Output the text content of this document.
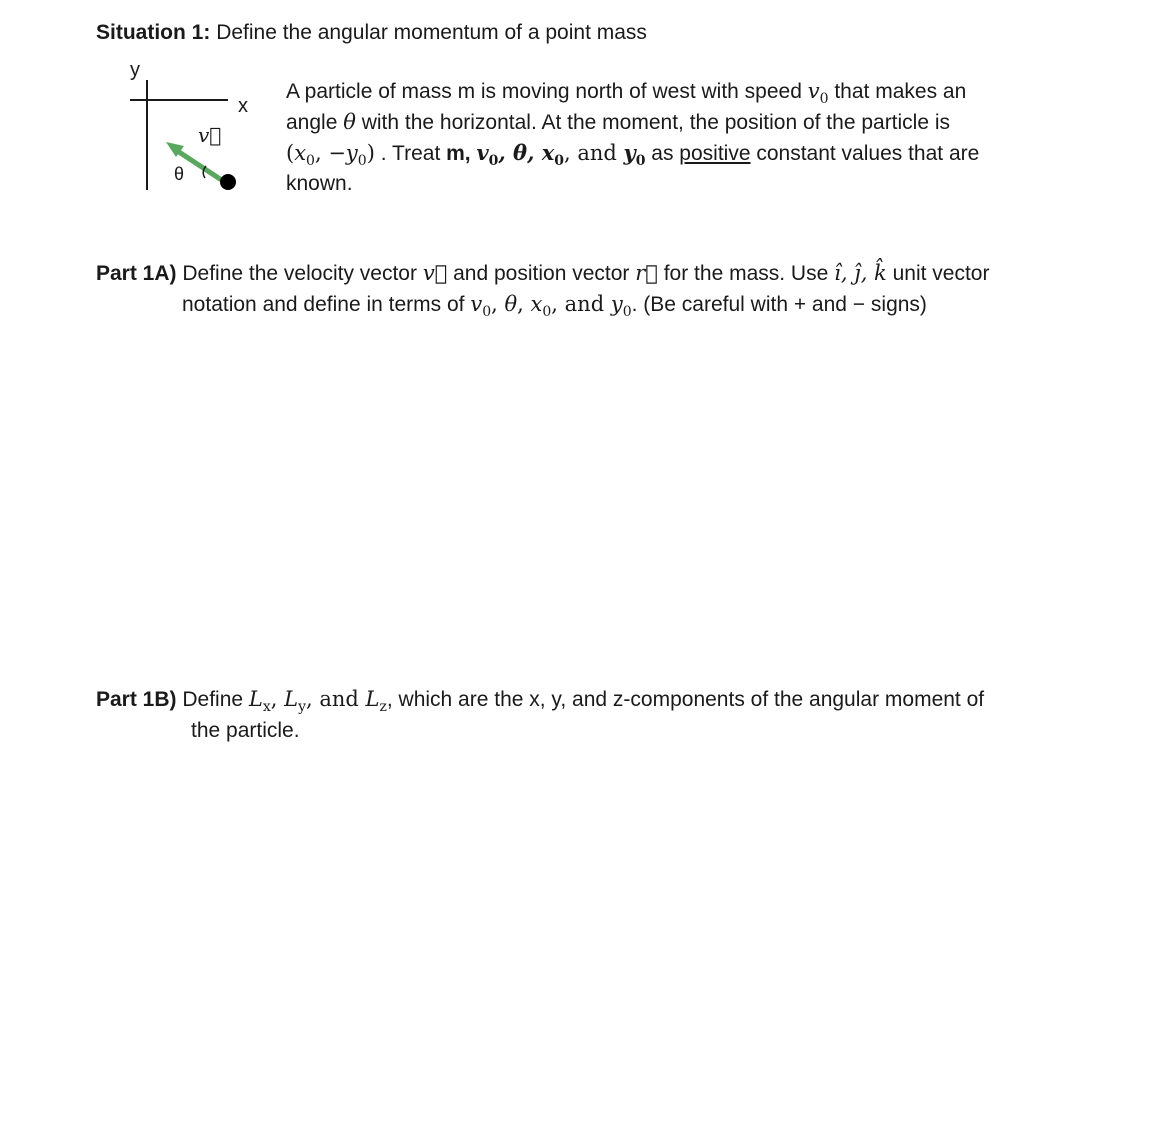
Situation 1: Define the angular momentum of a point mass
y
x
v⃗
θ
A particle of mass m is moving north of west with speed $v_0$ that makes an
angle θ with the horizontal. At the moment, the position of the particle is
($x_0$, $-y_0$) . Treat m, $v_0$, θ, $x_0$, and $y_0$ as positive constant values that are
known.
Part 1A) Define the velocity vector v⃗ and position vector r⃗ for the mass. Use î, ĵ, k̂ unit vector
notation and define in terms of $v_0$, θ, $x_0$, and $y_0$. (Be careful with + and − signs)
Part 1B) Define $L_x$, $L_y$, and $L_z$, which are the x, y, and z-components of the angular moment of
the particle.
